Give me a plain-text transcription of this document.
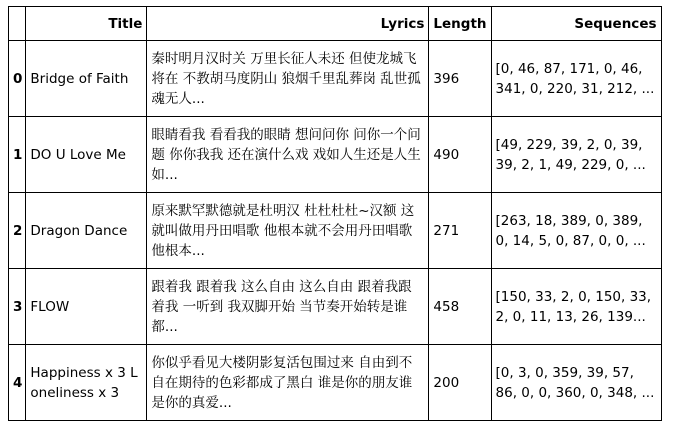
	Title	Lyrics	Length	Sequences
0	Bridge of Faith	秦时明月汉时关 万里长征人未还 但使龙城飞将在 不教胡马度阴山 狼烟千里乱葬岗 乱世孤魂无人...	396	[0, 46, 87, 171, 0, 46, 341, 0, 220, 31, 212, ...
1	DO U Love Me	眼睛看我 看看我的眼睛 想问问你 问你一个问题 你你我我 还在演什么戏 戏如人生还是人生如...	490	[49, 229, 39, 2, 0, 39, 39, 2, 1, 49, 229, 0, ...
2	Dragon Dance	原来默罕默德就是杜明汉 杜杜杜杜~汉额 这就叫做用丹田唱歌 他根本就不会用丹田唱歌 他根本...	271	[263, 18, 389, 0, 389, 0, 14, 5, 0, 87, 0, 0, ...
3	FLOW	跟着我 跟着我 这么自由 这么自由 跟着我跟着我 一听到 我双脚开始 当节奏开始转是谁都...	458	[150, 33, 2, 0, 150, 33, 2, 0, 11, 13, 26, 139...
4	Happiness x 3 Loneliness x 3	你似乎看见大楼阴影复活包围过来 自由到不自在期待的色彩都成了黑白 谁是你的朋友谁是你的真爱...	200	[0, 3, 0, 359, 39, 57, 86, 0, 0, 360, 0, 348, ...
